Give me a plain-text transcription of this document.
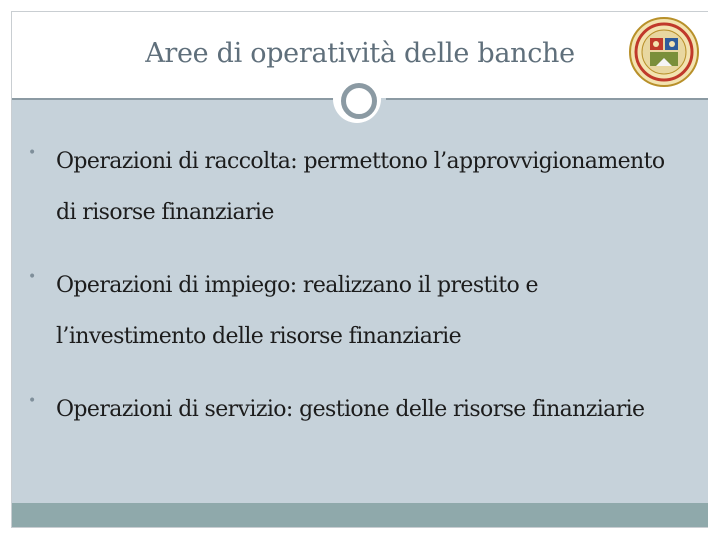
Aree di operatività delle banche
• Operazioni di raccolta: permettono l’approvvigionamento di risorse finanziarie
• Operazioni di impiego: realizzano il prestito e l’investimento delle risorse finanziarie
• Operazioni di servizio: gestione delle risorse finanziarie
